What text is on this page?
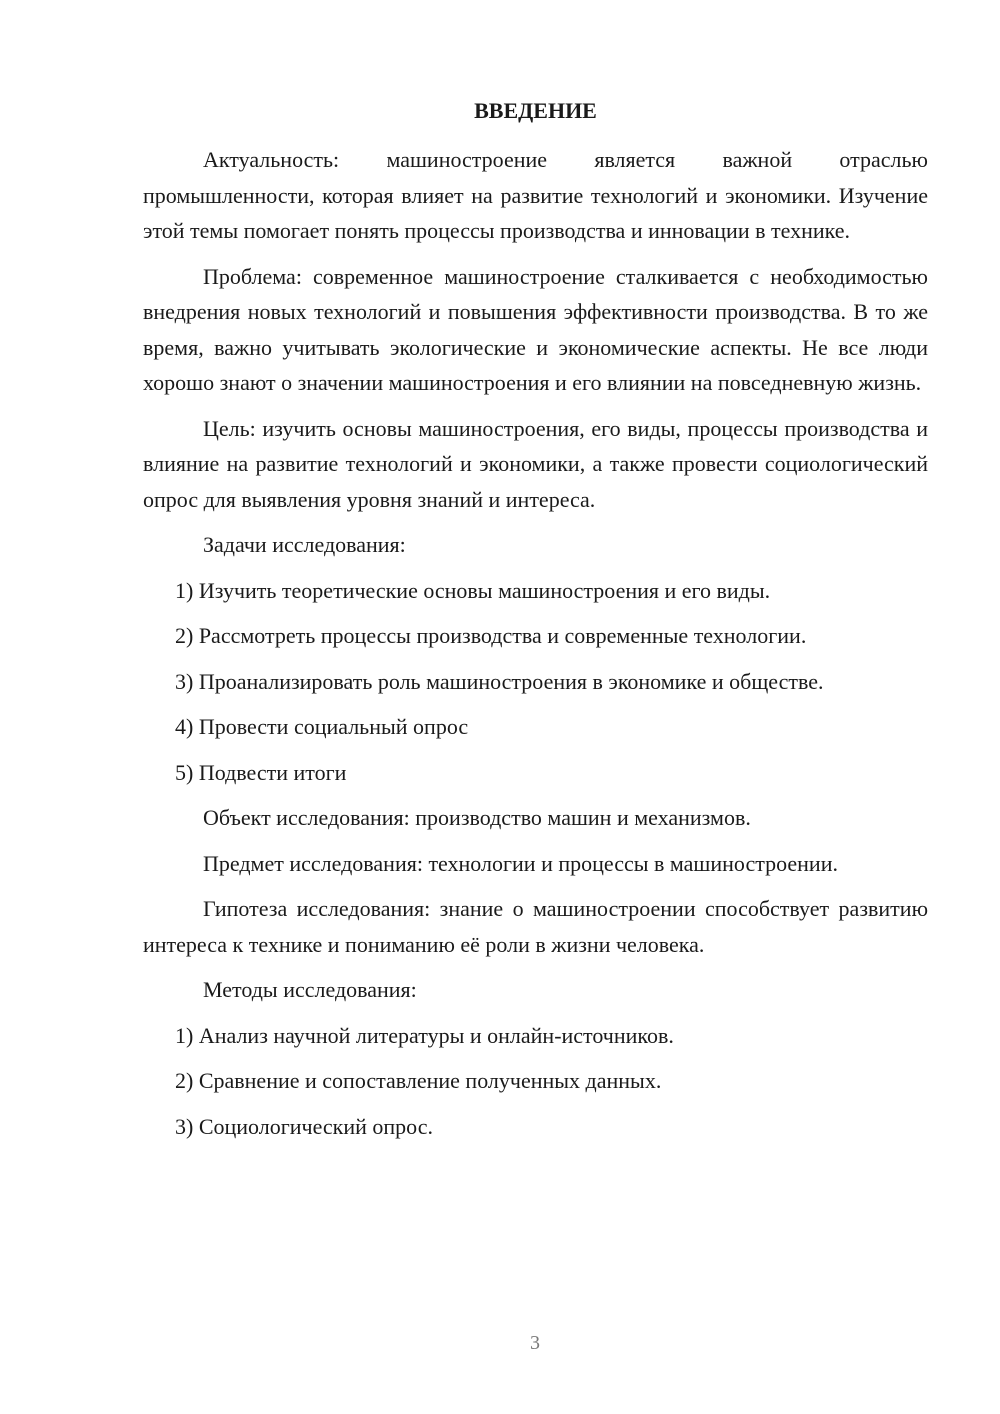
ВВЕДЕНИЕ

Актуальность: машиностроение является важной отраслью промышленности, которая влияет на развитие технологий и экономики. Изучение этой темы помогает понять процессы производства и инновации в технике.

Проблема: современное машиностроение сталкивается с необходимостью внедрения новых технологий и повышения эффективности производства. В то же время, важно учитывать экологические и экономические аспекты. Не все люди хорошо знают о значении машиностроения и его влиянии на повседневную жизнь.

Цель: изучить основы машиностроения, его виды, процессы производства и влияние на развитие технологий и экономики, а также провести социологический опрос для выявления уровня знаний и интереса.

Задачи исследования:

1) Изучить теоретические основы машиностроения и его виды.

2) Рассмотреть процессы производства и современные технологии.

3) Проанализировать роль машиностроения в экономике и обществе.

4) Провести социальный опрос

5) Подвести итоги

Объект исследования: производство машин и механизмов.

Предмет исследования: технологии и процессы в машиностроении.

Гипотеза исследования: знание о машиностроении способствует развитию интереса к технике и пониманию её роли в жизни человека.

Методы исследования:

1) Анализ научной литературы и онлайн-источников.

2) Сравнение и сопоставление полученных данных.

3) Социологический опрос.

3
